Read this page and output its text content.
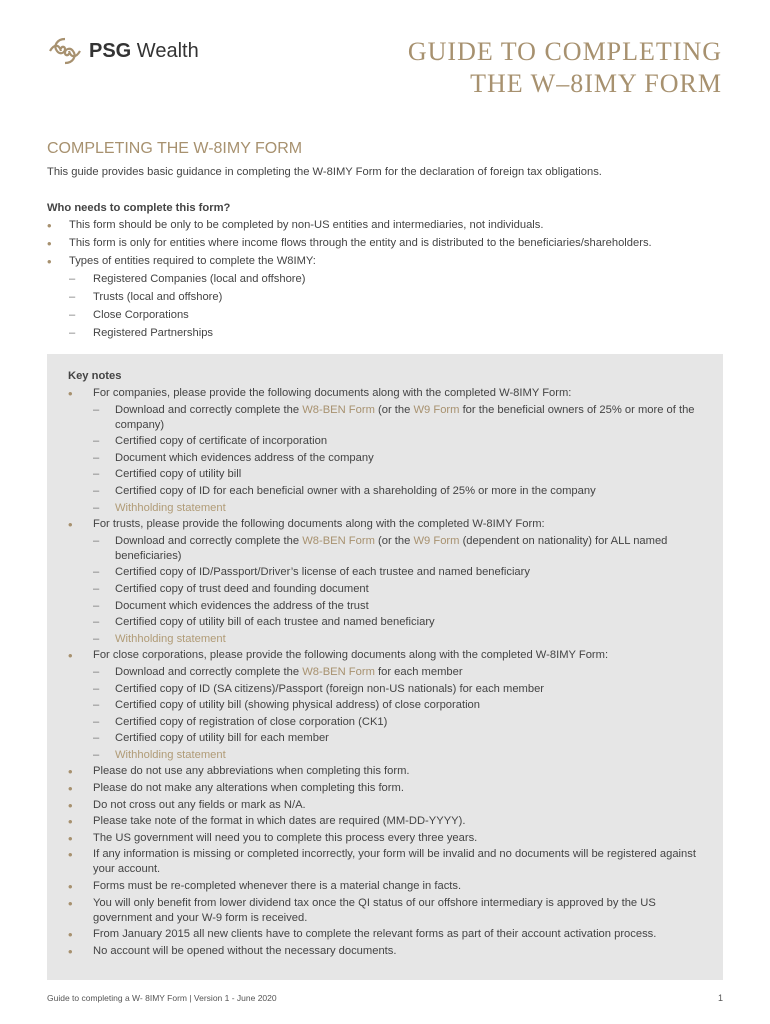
PSG Wealth	GUIDE TO COMPLETING
THE W–8IMY FORM
COMPLETING THE W-8IMY FORM
This guide provides basic guidance in completing the W-8IMY Form for the declaration of foreign tax obligations.
Who needs to complete this form?
• This form should be only to be completed by non-US entities and intermediaries, not individuals.
• This form is only for entities where income flows through the entity and is distributed to the beneficiaries/shareholders.
• Types of entities required to complete the W8IMY:
– Registered Companies (local and offshore)
– Trusts (local and offshore)
– Close Corporations
– Registered Partnerships
Key notes
• For companies, please provide the following documents along with the completed W-8IMY Form:
– Download and correctly complete the W8-BEN Form (or the W9 Form for the beneficial owners of 25% or more of the company)
– Certified copy of certificate of incorporation
– Document which evidences address of the company
– Certified copy of utility bill
– Certified copy of ID for each beneficial owner with a shareholding of 25% or more in the company
– Withholding statement
• For trusts, please provide the following documents along with the completed W-8IMY Form:
– Download and correctly complete the W8-BEN Form (or the W9 Form (dependent on nationality) for ALL named beneficiaries)
– Certified copy of ID/Passport/Driver’s license of each trustee and named beneficiary
– Certified copy of trust deed and founding document
– Document which evidences the address of the trust
– Certified copy of utility bill of each trustee and named beneficiary
– Withholding statement
• For close corporations, please provide the following documents along with the completed W-8IMY Form:
– Download and correctly complete the W8-BEN Form for each member
– Certified copy of ID (SA citizens)/Passport (foreign non-US nationals) for each member
– Certified copy of utility bill (showing physical address) of close corporation
– Certified copy of registration of close corporation (CK1)
– Certified copy of utility bill for each member
– Withholding statement
• Please do not use any abbreviations when completing this form.
• Please do not make any alterations when completing this form.
• Do not cross out any fields or mark as N/A.
• Please take note of the format in which dates are required (MM-DD-YYYY).
• The US government will need you to complete this process every three years.
• If any information is missing or completed incorrectly, your form will be invalid and no documents will be registered against your account.
• Forms must be re-completed whenever there is a material change in facts.
• You will only benefit from lower dividend tax once the QI status of our offshore intermediary is approved by the US government and your W-9 form is received.
• From January 2015 all new clients have to complete the relevant forms as part of their account activation process.
• No account will be opened without the necessary documents.
Guide to completing a W- 8IMY Form | Version 1 - June 2020	1
